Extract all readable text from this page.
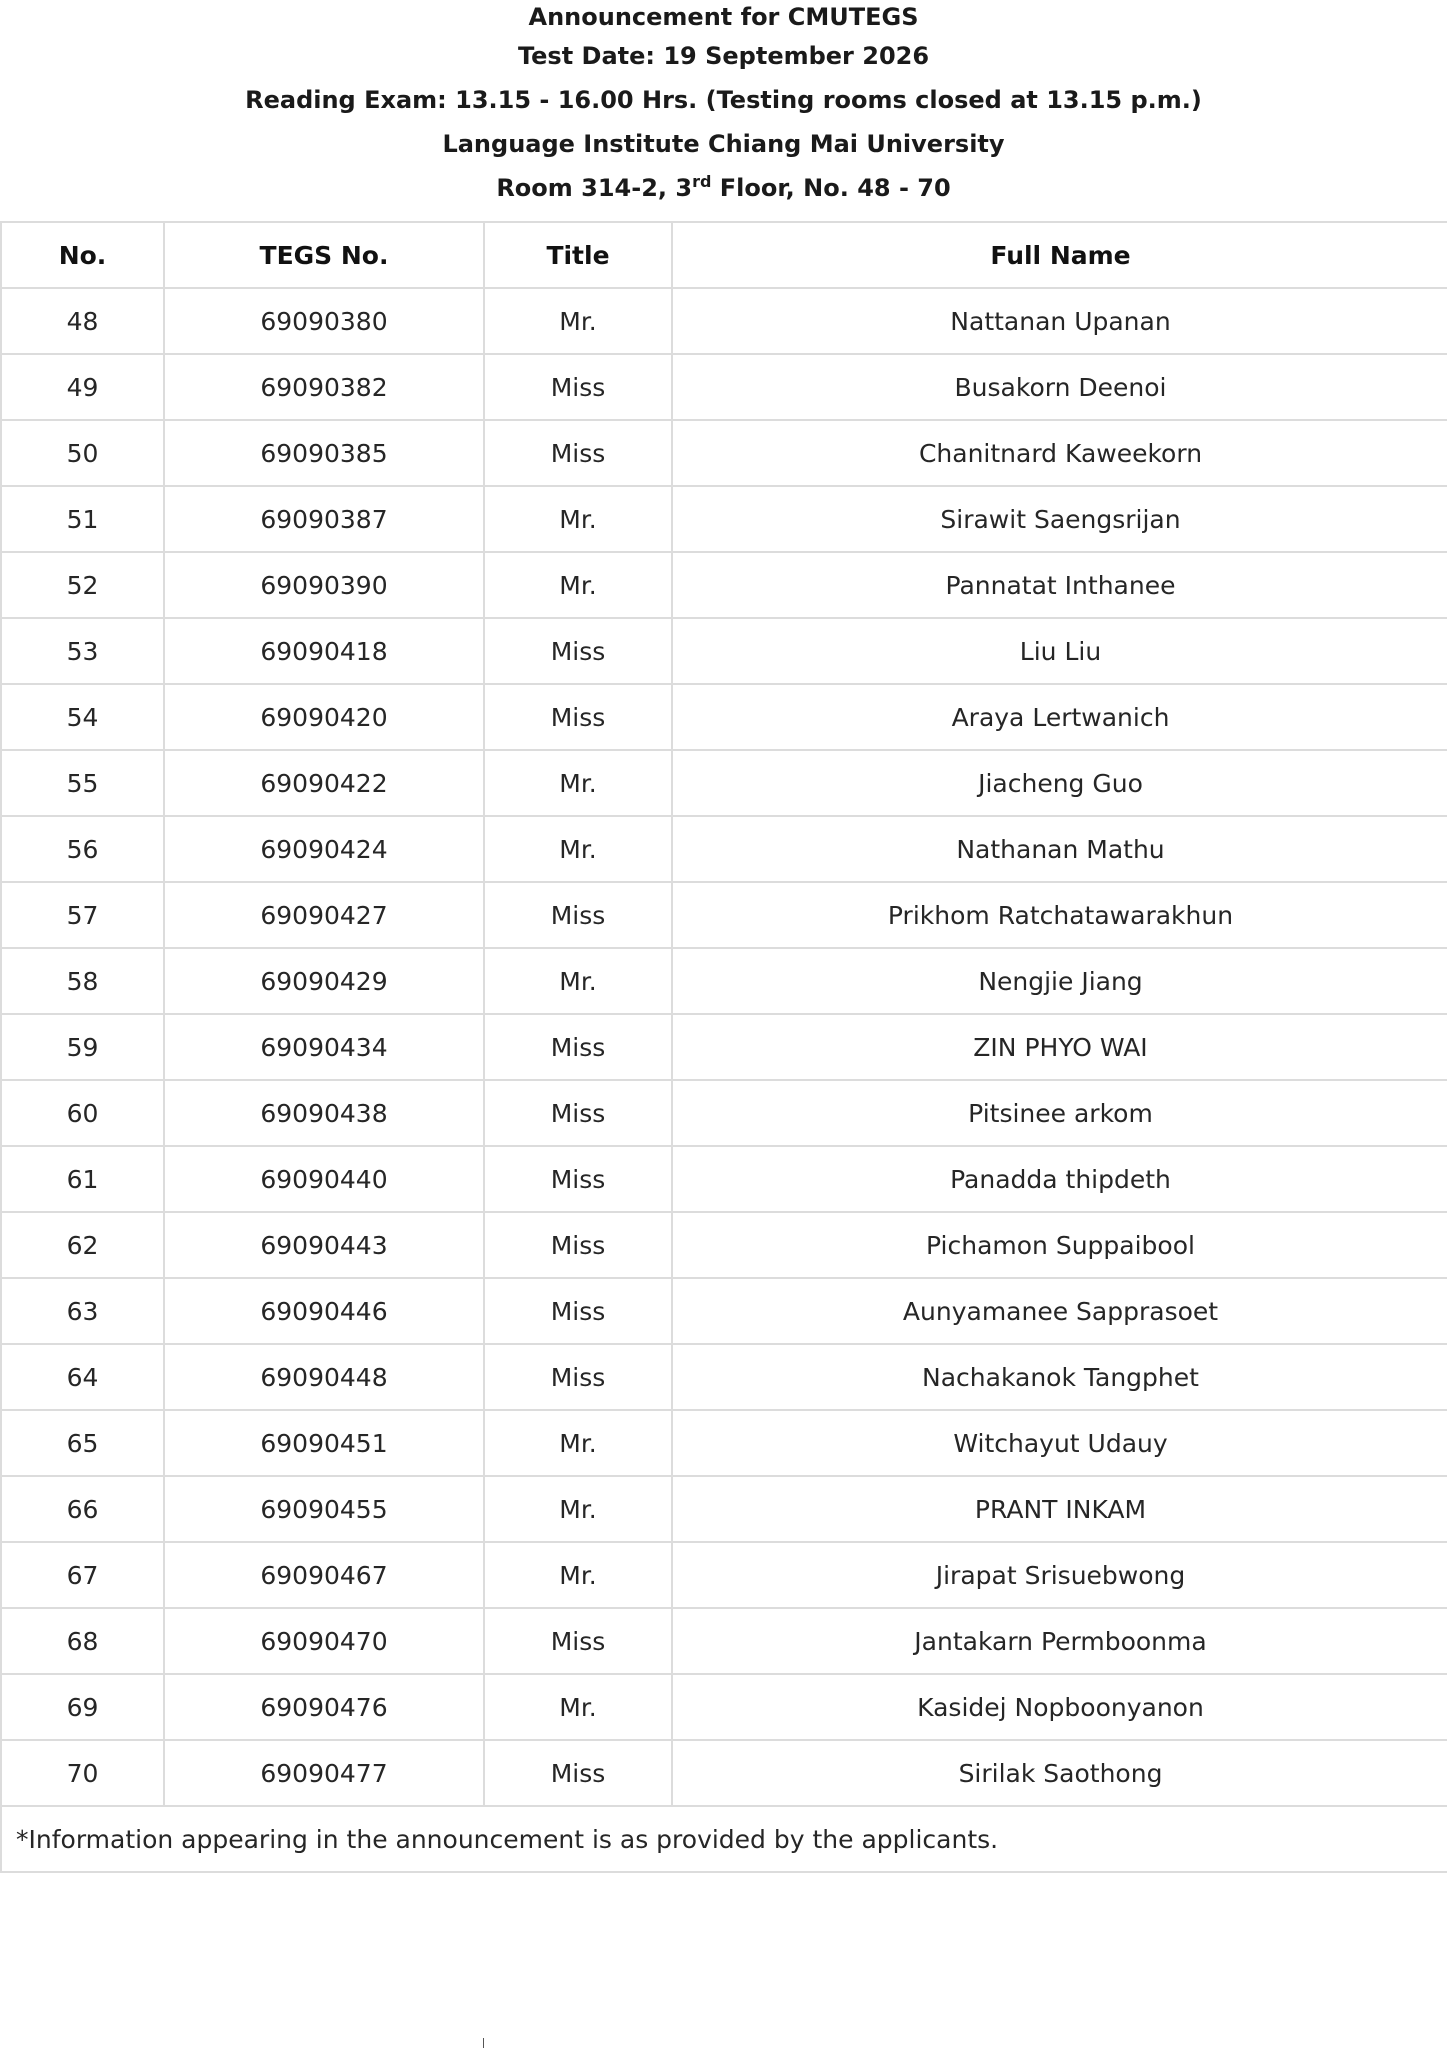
Announcement for CMUTEGS
Test Date: 19 September 2026
Reading Exam: 13.15 - 16.00 Hrs. (Testing rooms closed at 13.15 p.m.)
Language Institute Chiang Mai University
Room 314-2, 3rd Floor, No. 48 - 70
No.	TEGS No.	Title	Full Name
48	69090380	Mr.	Nattanan Upanan
49	69090382	Miss	Busakorn Deenoi
50	69090385	Miss	Chanitnard Kaweekorn
51	69090387	Mr.	Sirawit Saengsrijan
52	69090390	Mr.	Pannatat Inthanee
53	69090418	Miss	Liu Liu
54	69090420	Miss	Araya Lertwanich
55	69090422	Mr.	Jiacheng Guo
56	69090424	Mr.	Nathanan Mathu
57	69090427	Miss	Prikhom Ratchatawarakhun
58	69090429	Mr.	Nengjie Jiang
59	69090434	Miss	ZIN PHYO WAI
60	69090438	Miss	Pitsinee arkom
61	69090440	Miss	Panadda thipdeth
62	69090443	Miss	Pichamon Suppaibool
63	69090446	Miss	Aunyamanee Sapprasoet
64	69090448	Miss	Nachakanok Tangphet
65	69090451	Mr.	Witchayut Udauy
66	69090455	Mr.	PRANT INKAM
67	69090467	Mr.	Jirapat Srisuebwong
68	69090470	Miss	Jantakarn Permboonma
69	69090476	Mr.	Kasidej Nopboonyanon
70	69090477	Miss	Sirilak Saothong
*Information appearing in the announcement is as provided by the applicants.			
